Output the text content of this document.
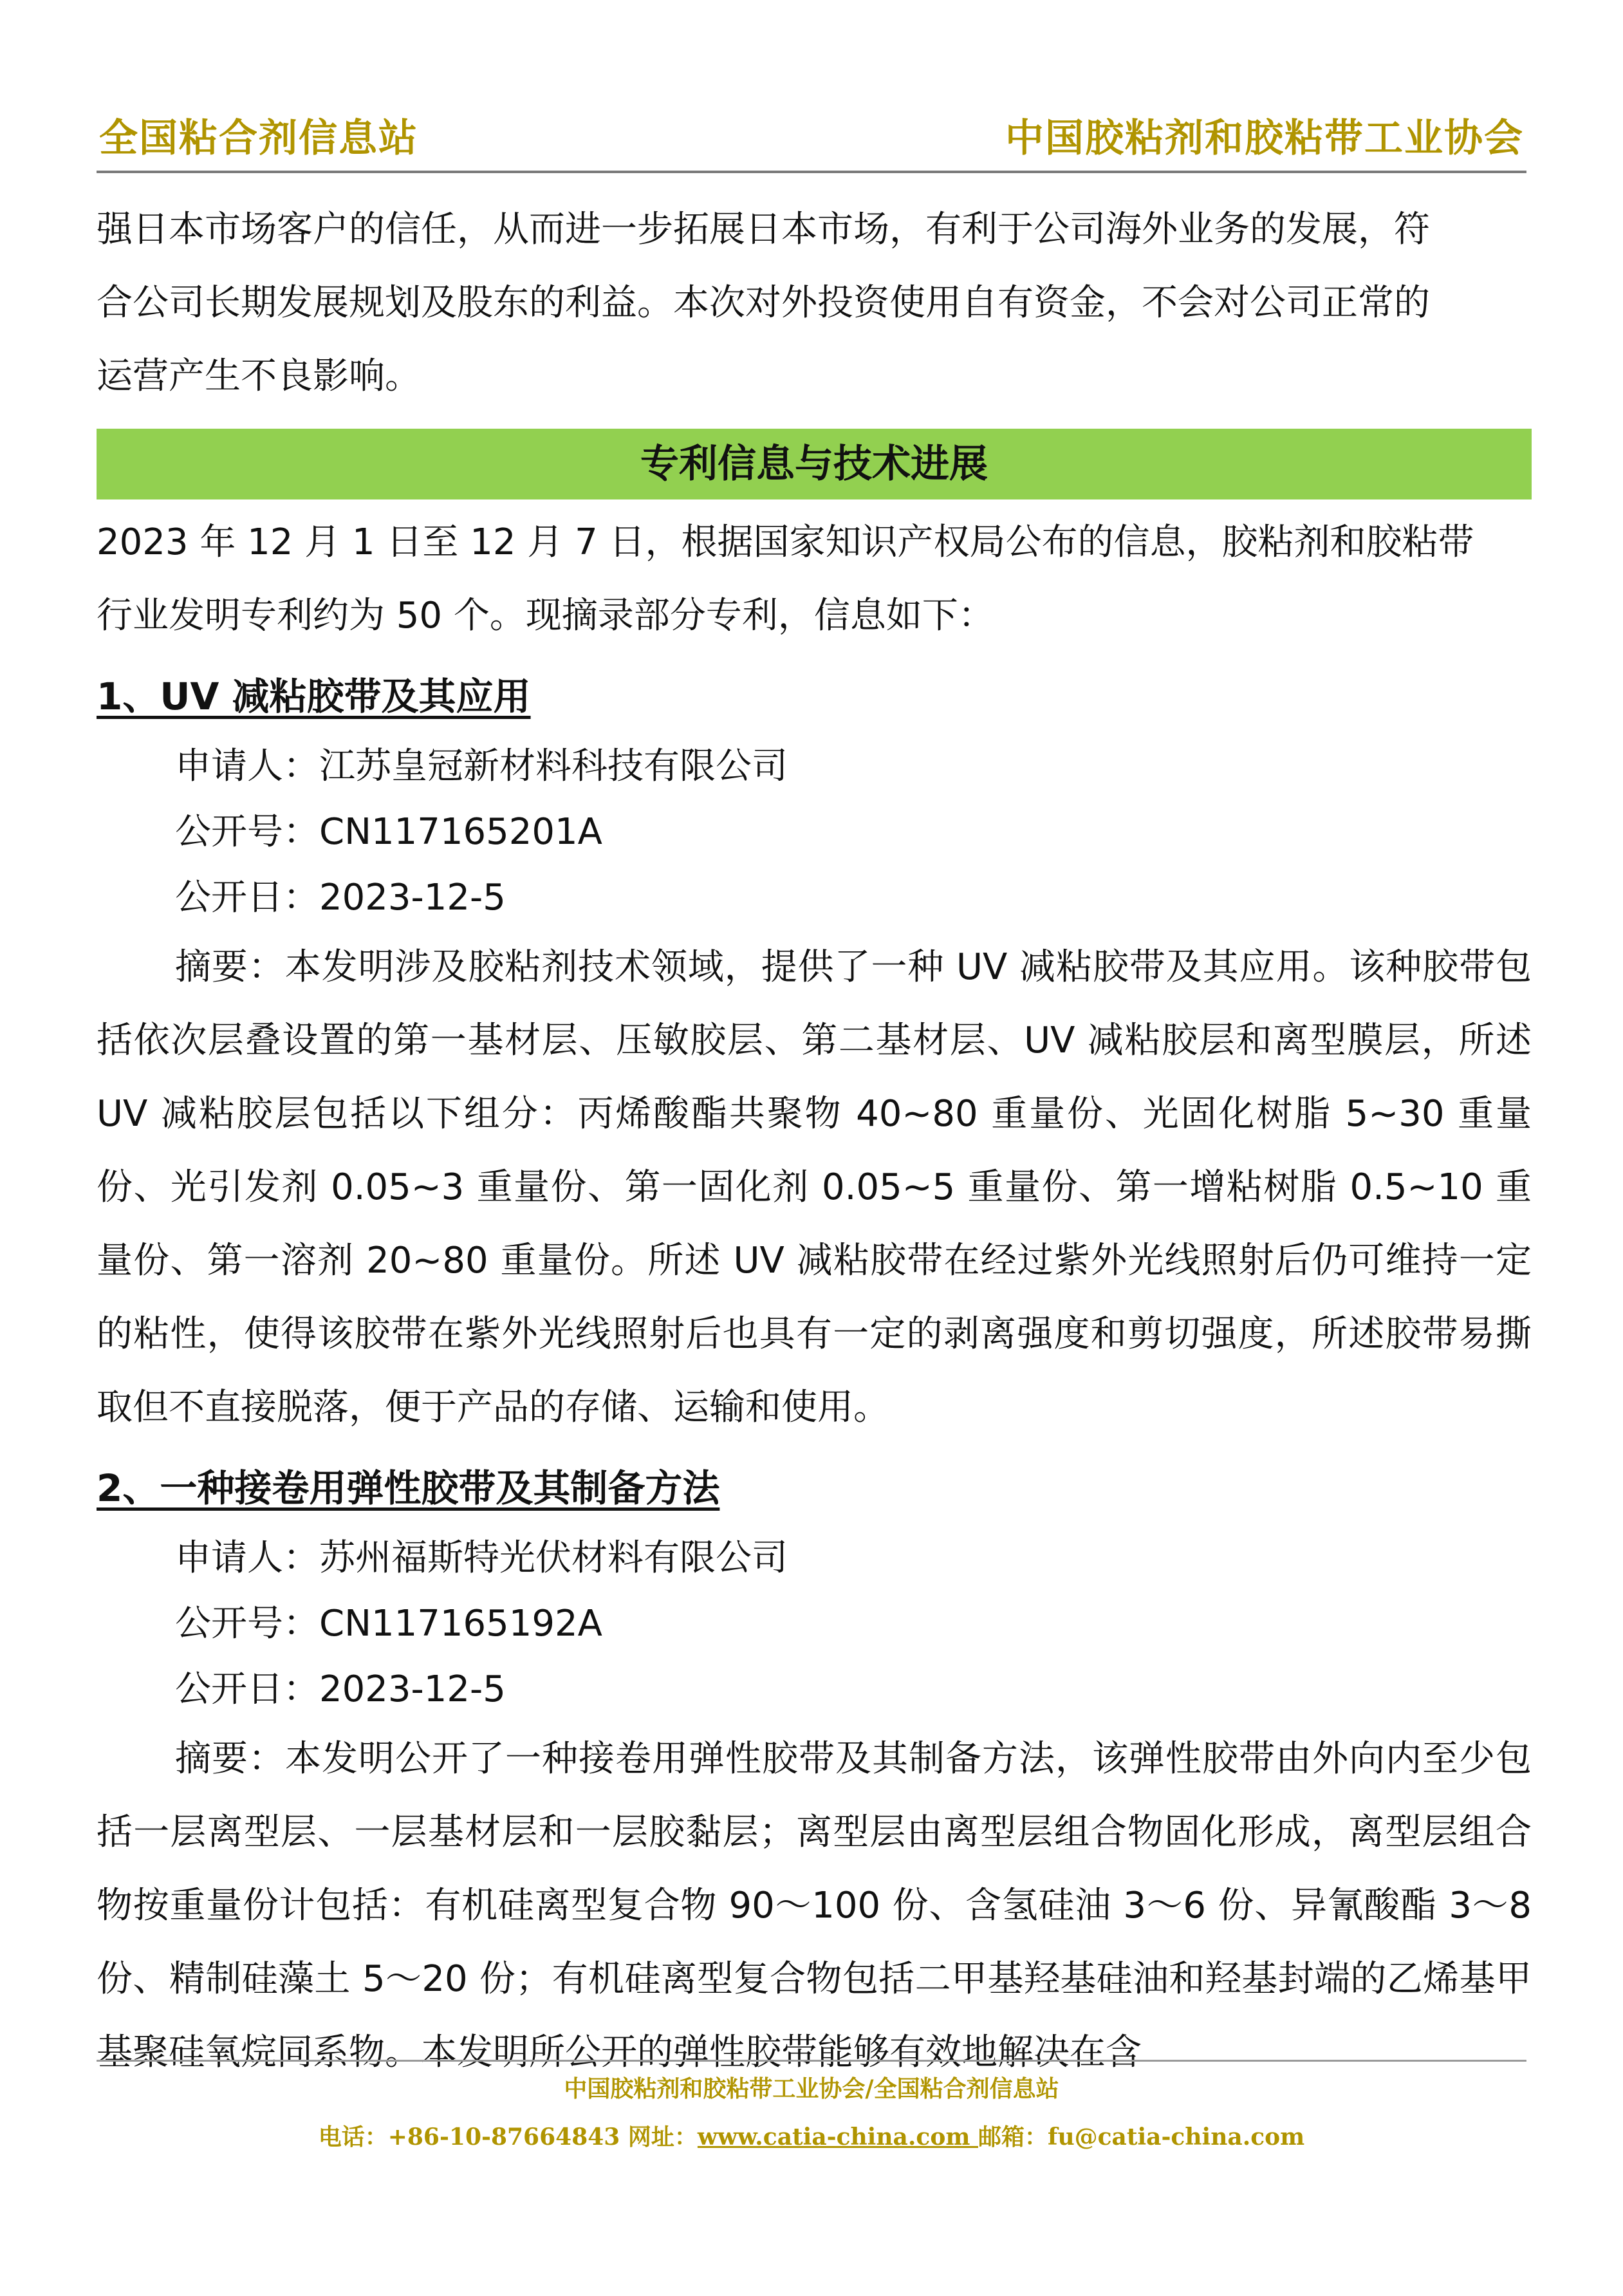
全国粘合剂信息站	中国胶粘剂和胶粘带工业协会

强日本市场客户的信任，从而进一步拓展日本市场，有利于公司海外业务的发展，符

合公司长期发展规划及股东的利益。本次对外投资使用自有资金，不会对公司正常的

运营产生不良影响。

专利信息与技术进展

2023 年 12 月 1 日至 12 月 7 日，根据国家知识产权局公布的信息，胶粘剂和胶粘带

行业发明专利约为 50 个。现摘录部分专利，信息如下：

1、UV 减粘胶带及其应用

申请人：江苏皇冠新材料科技有限公司

公开号：CN117165201A

公开日：2023-12-5

摘要：本发明涉及胶粘剂技术领域，提供了一种 UV 减粘胶带及其应用。该种胶带包括依次层叠设置的第一基材层、压敏胶层、第二基材层、UV 减粘胶层和离型膜层，所述 UV 减粘胶层包括以下组分：丙烯酸酯共聚物 40~80 重量份、光固化树脂 5~30 重量份、光引发剂 0.05~3 重量份、第一固化剂 0.05~5 重量份、第一增粘树脂 0.5~10 重量份、第一溶剂 20~80 重量份。所述 UV 减粘胶带在经过紫外光线照射后仍可维持一定的粘性，使得该胶带在紫外光线照射后也具有一定的剥离强度和剪切强度，所述胶带易撕取但不直接脱落，便于产品的存储、运输和使用。

2、一种接卷用弹性胶带及其制备方法

申请人：苏州福斯特光伏材料有限公司

公开号：CN117165192A

公开日：2023-12-5

摘要：本发明公开了一种接卷用弹性胶带及其制备方法，该弹性胶带由外向内至少包括一层离型层、一层基材层和一层胶黏层；离型层由离型层组合物固化形成，离型层组合物按重量份计包括：有机硅离型复合物 90～100 份、含氢硅油 3～6 份、异氰酸酯 3～8 份、精制硅藻土 5～20 份；有机硅离型复合物包括二甲基羟基硅油和羟基封端的乙烯基甲基聚硅氧烷同系物。本发明所公开的弹性胶带能够有效地解决在含

中国胶粘剂和胶粘带工业协会/全国粘合剂信息站
电话：+86-10-87664843 网址：www.catia-china.com 邮箱：fu@catia-china.com
